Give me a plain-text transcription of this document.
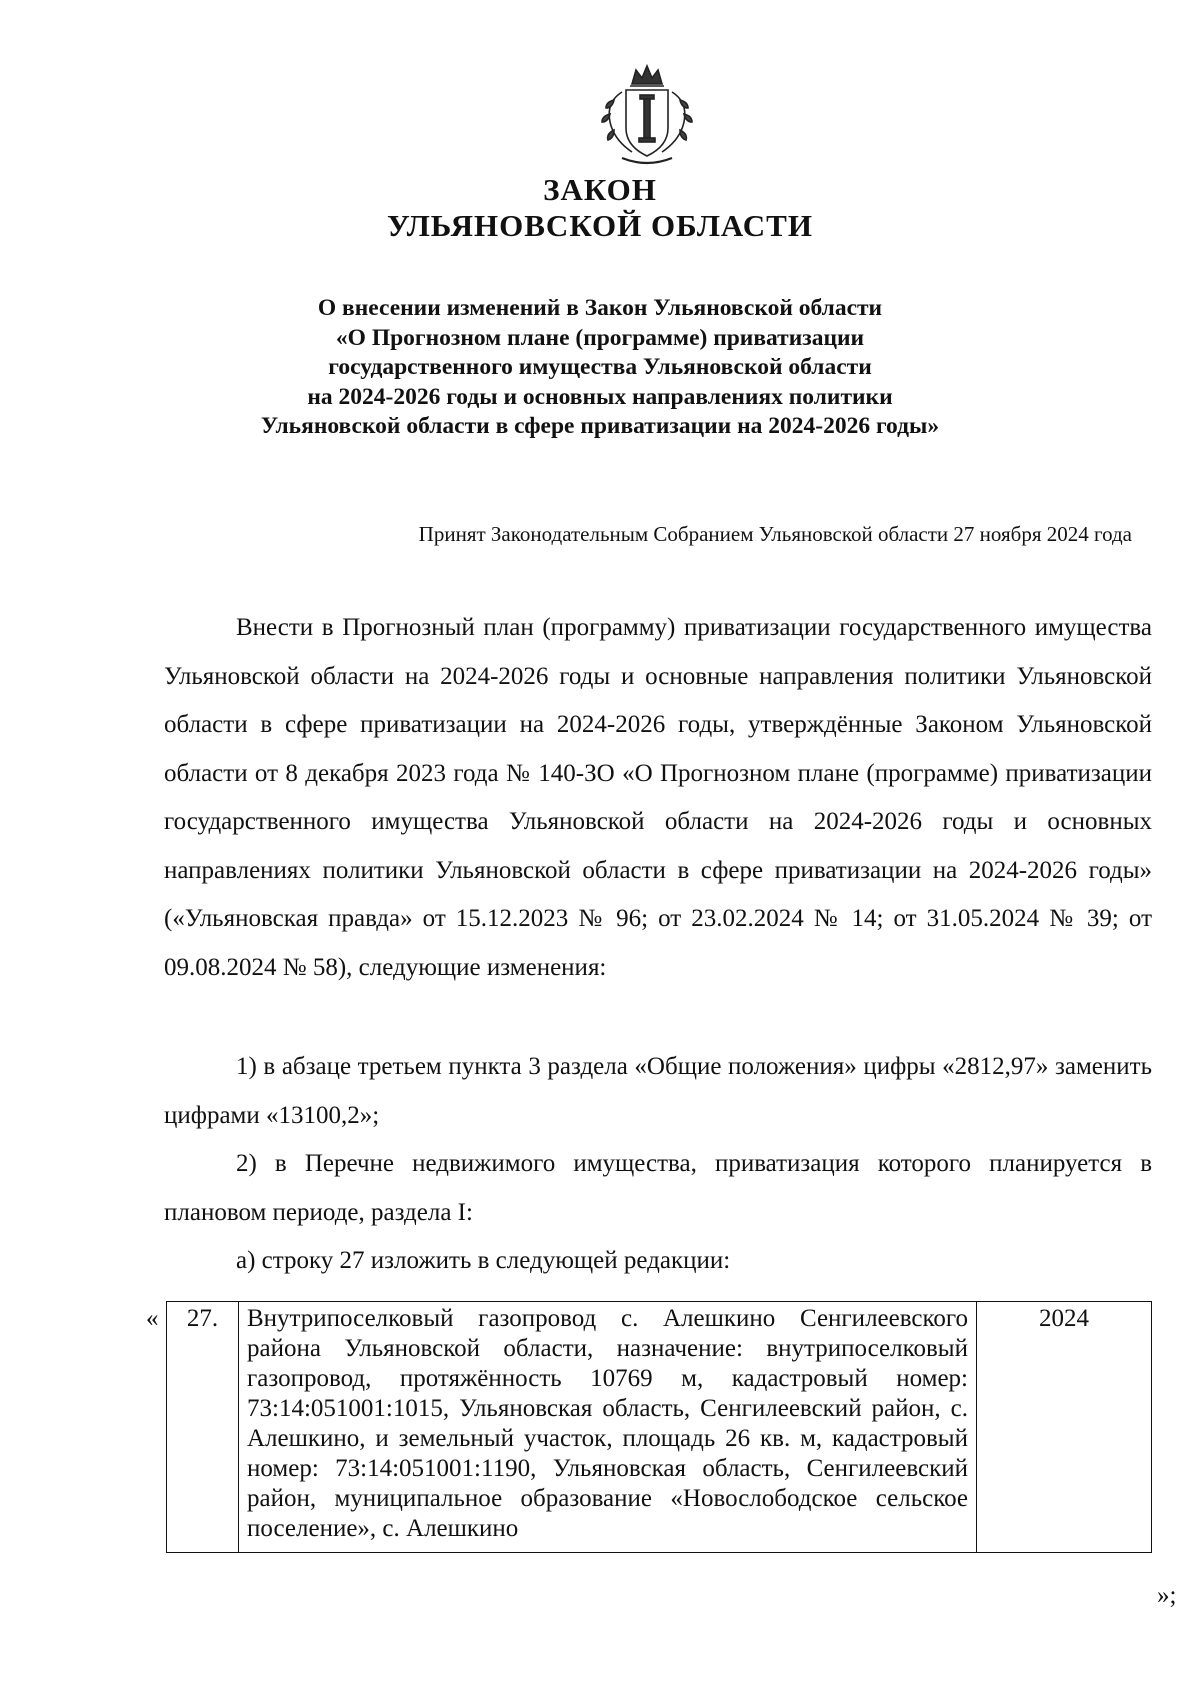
ЗАКОН
УЛЬЯНОВСКОЙ ОБЛАСТИ
О внесении изменений в Закон Ульяновской области
«О Прогнозном плане (программе) приватизации
государственного имущества Ульяновской области
на 2024-2026 годы и основных направлениях политики
Ульяновской области в сфере приватизации на 2024-2026 годы»
Принят Законодательным Собранием Ульяновской области 27 ноября 2024 года
Внести в Прогнозный план (программу) приватизации государственного имущества Ульяновской области на 2024-2026 годы и основные направления политики Ульяновской области в сфере приватизации на 2024-2026 годы, утверждённые Законом Ульяновской области от 8 декабря 2023 года № 140-ЗО «О Прогнозном плане (программе) приватизации государственного имущества Ульяновской области на 2024-2026 годы и основных направлениях политики Ульяновской области в сфере приватизации на 2024-2026 годы» («Ульяновская правда» от 15.12.2023 № 96; от 23.02.2024 № 14; от 31.05.2024 № 39; от 09.08.2024 № 58), следующие изменения:
1) в абзаце третьем пункта 3 раздела «Общие положения» цифры «2812,97» заменить цифрами «13100,2»;
2) в Перечне недвижимого имущества, приватизация которого планируется в плановом периоде, раздела I:
а) строку 27 изложить в следующей редакции:
« 27.	Внутрипоселковый газопровод с. Алешкино Сенгилеевского района Ульяновской области, назначение: внутрипоселковый газопровод, протяжённость 10769 м, кадастровый номер: 73:14:051001:1015, Ульяновская область, Сенгилеевский район, с. Алешкино, и земельный участок, площадь 26 кв. м, кадастровый номер: 73:14:051001:1190, Ульяновская область, Сенгилеевский район, муниципальное образование «Новослободское сельское поселение», с. Алешкино	2024
»;
